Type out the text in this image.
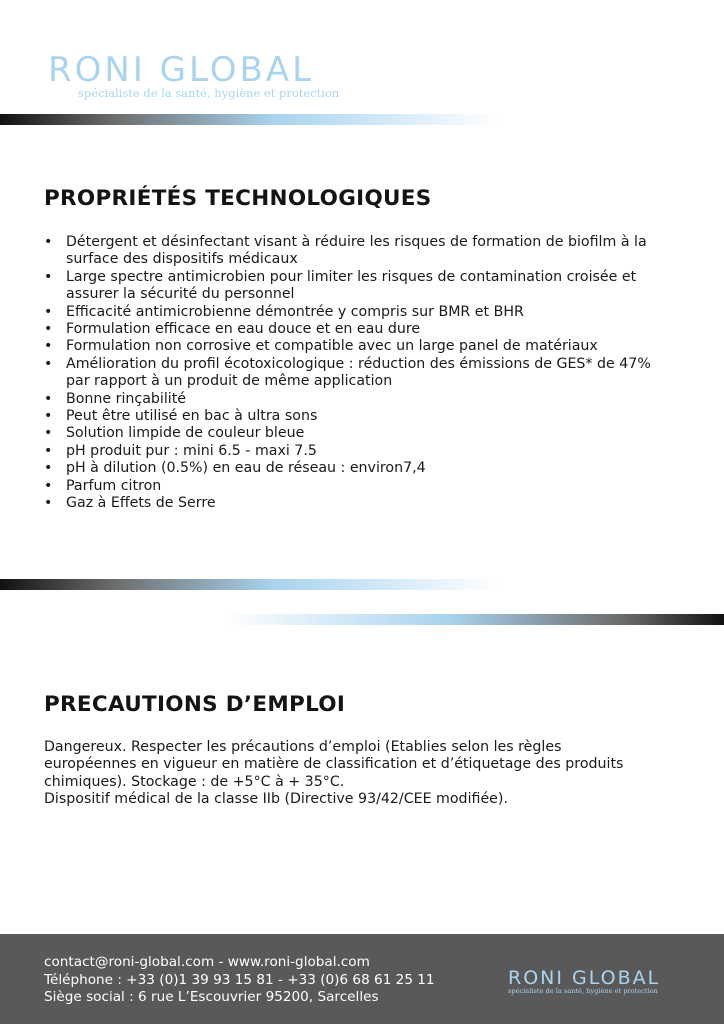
RONI GLOBAL
spécialiste de la santé, hygiène et protection
PROPRIÉTÉS TECHNOLOGIQUES
• Détergent et désinfectant visant à réduire les risques de formation de biofilm à la
surface des dispositifs médicaux
• Large spectre antimicrobien pour limiter les risques de contamination croisée et
assurer la sécurité du personnel
• Efficacité antimicrobienne démontrée y compris sur BMR et BHR
• Formulation efficace en eau douce et en eau dure
• Formulation non corrosive et compatible avec un large panel de matériaux
• Amélioration du profil écotoxicologique : réduction des émissions de GES* de 47%
par rapport à un produit de même application
• Bonne rinçabilité
• Peut être utilisé en bac à ultra sons
• Solution limpide de couleur bleue
• pH produit pur : mini 6.5 - maxi 7.5
• pH à dilution (0.5%) en eau de réseau : environ7,4
• Parfum citron
• Gaz à Effets de Serre
PRECAUTIONS D’EMPLOI

Dangereux. Respecter les précautions d’emploi (Etablies selon les règles

européennes en vigueur en matière de classification et d’étiquetage des produits

chimiques). Stockage : de +5°C à + 35°C.

Dispositif médical de la classe IIb (Directive 93/42/CEE modifiée).

contact@roni-global.com - www.roni-global.com
Téléphone : +33 (0)1 39 93 15 81 - +33 (0)6 68 61 25 11
Siège social : 6 rue L’Escouvrier 95200, Sarcelles
RONI GLOBAL
spécialiste de la santé, hygiène et protection
